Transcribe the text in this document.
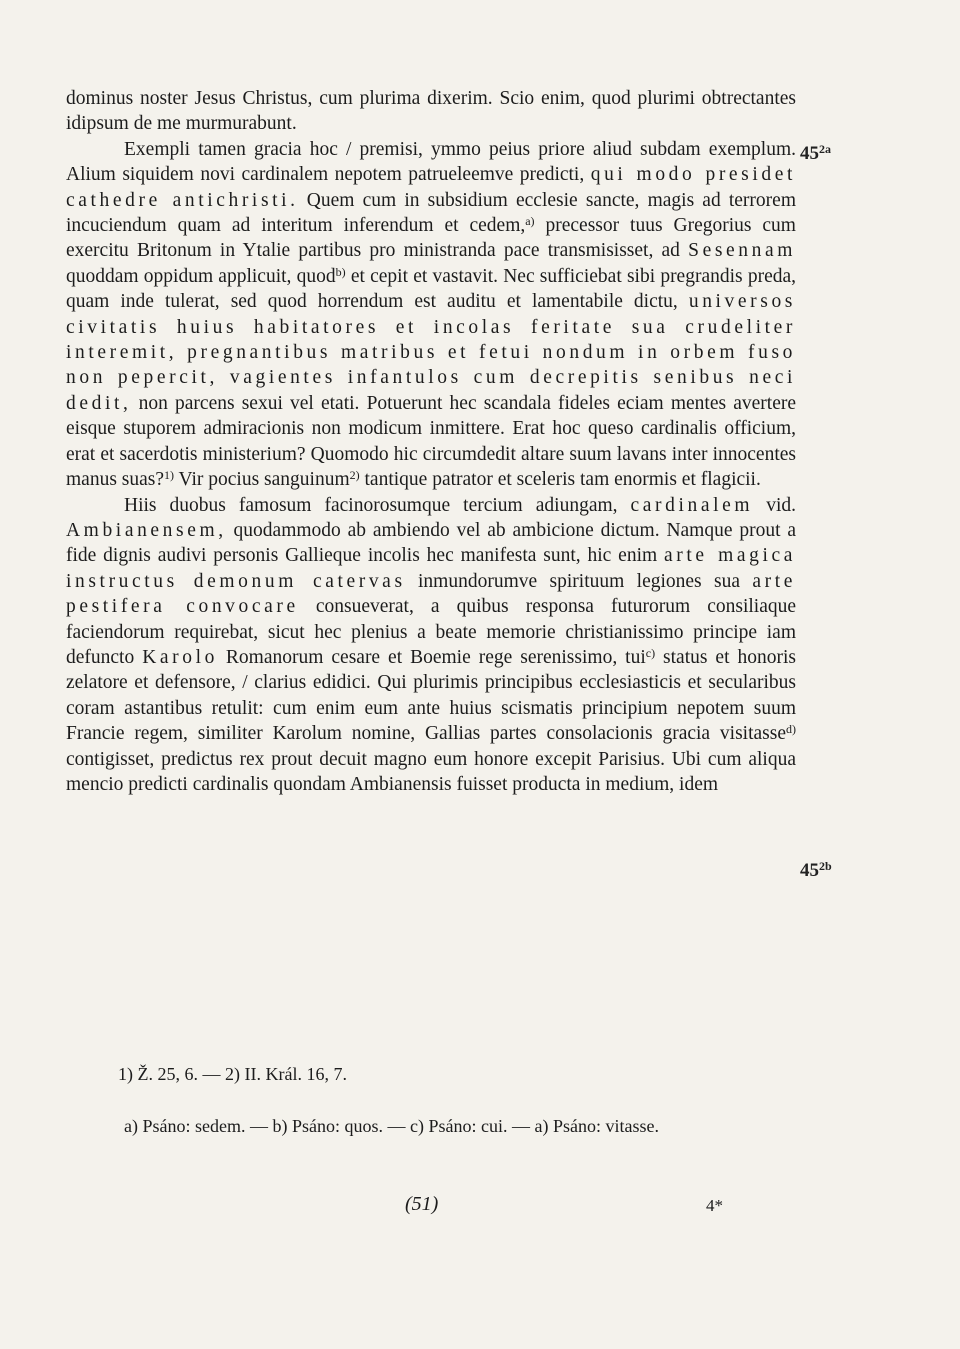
dominus noster Jesus Christus, cum plurima dixerim. Scio enim, quod plurimi obtrectantes idipsum de me murmurabunt.

Exempli tamen gracia hoc / premisi, ymmo peius priore aliud subdam exemplum. Alium siquidem novi cardinalem nepotem patrueleemve predicti, qui modo presidet cathedre antichristi. Quem cum in subsidium ecclesie sancte, magis ad terrorem incuciendum quam ad interitum inferendum et cedem,$^{a)}$ precessor tuus Gregorius cum exercitu Britonum in Ytalie partibus pro ministranda pace transmisisset, ad Sesennam quoddam oppidum applicuit, quod$^{b)}$ et cepit et vastavit. Nec sufficiebat sibi pregrandis preda, quam inde tulerat, sed quod horrendum est auditu et lamentabile dictu, universos civitatis huius habitatores et incolas feritate sua crudeliter interemit, pregnantibus matribus et fetui nondum in orbem fuso non pepercit, vagientes infantulos cum decrepitis senibus neci dedit, non parcens sexui vel etati. Potuerunt hec scandala fideles eciam mentes avertere eisque stuporem admiracionis non modicum inmittere. Erat hoc queso cardinalis officium, erat et sacerdotis ministerium? Quomodo hic circumdedit altare suum lavans inter innocentes manus suas?$^{1)}$ Vir pocius sanguinum$^{2)}$ tantique patrator et sceleris tam enormis et flagicii.

Hiis duobus famosum facinorosumque tercium adiungam, cardinalem vid. Ambianensem, quodammodo ab ambiendo vel ab ambicione dictum. Namque prout a fide dignis audivi personis Gallieque incolis hec manifesta sunt, hic enim arte magica instructus demonum catervas inmundorumve spirituum legiones sua arte pestifera convocare consueverat, a quibus responsa futurorum consiliaque faciendorum requirebat, sicut hec plenius a beate memorie christianissimo principe iam defuncto Karolo Romanorum cesare et Boemie rege serenissimo, tui$^{c)}$ status et honoris zelatore et defensore, / clarius edidici. Qui plurimis principibus ecclesiasticis et secularibus coram astantibus retulit: cum enim eum ante huius scismatis principium nepotem suum Francie regem, similiter Karolum nomine, Gallias partes consolacionis gracia visitasse$^{d)}$ contigisset, predictus rex prout decuit magno eum honore excepit Parisius. Ubi cum aliqua mencio predicti cardinalis quondam Ambianensis fuisset producta in medium, idem

$45^{2a}$
$45^{2b}$
1) Ž. 25, 6. — 2) II. Král. 16, 7.
a) Psáno: sedem. — b) Psáno: quos. — c) Psáno: cui. — a) Psáno: vitasse.
(51)	4*
